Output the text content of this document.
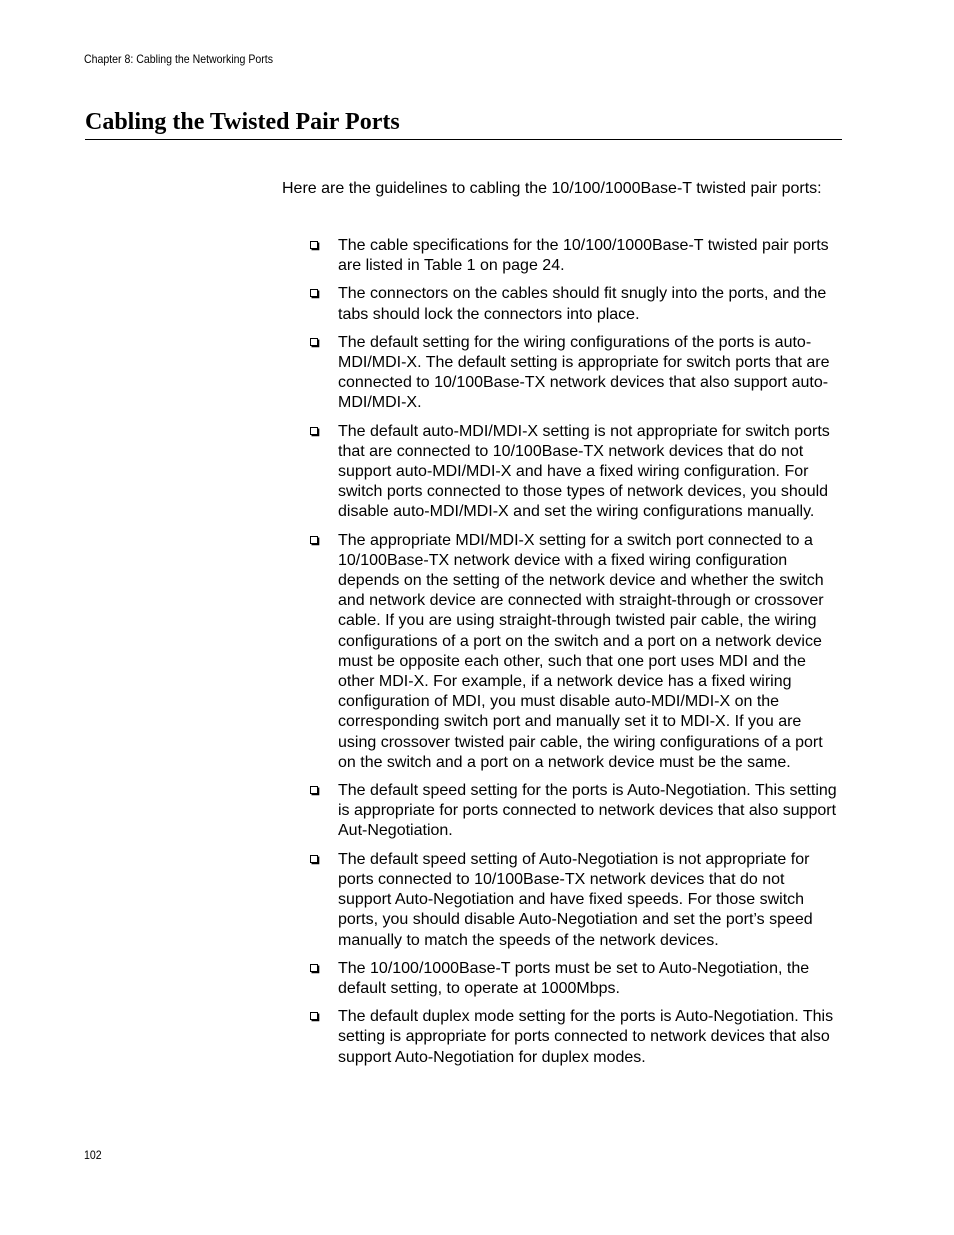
Chapter 8: Cabling the Networking Ports
Cabling the Twisted Pair Ports

Here are the guidelines to cabling the 10/100/1000Base-T twisted pair ports:

The cable specifications for the 10/100/1000Base-T twisted pair ports are listed in Table 1 on page 24.
The connectors on the cables should fit snugly into the ports, and the tabs should lock the connectors into place.
The default setting for the wiring configurations of the ports is auto-MDI/MDI-X. The default setting is appropriate for switch ports that are connected to 10/100Base-TX network devices that also support auto-MDI/MDI-X.
The default auto-MDI/MDI-X setting is not appropriate for switch ports that are connected to 10/100Base-TX network devices that do not support auto-MDI/MDI-X and have a fixed wiring configuration. For switch ports connected to those types of network devices, you should disable auto-MDI/MDI-X and set the wiring configurations manually.
The appropriate MDI/MDI-X setting for a switch port connected to a 10/100Base-TX network device with a fixed wiring configuration depends on the setting of the network device and whether the switch and network device are connected with straight-through or crossover cable. If you are using straight-through twisted pair cable, the wiring configurations of a port on the switch and a port on a network device must be opposite each other, such that one port uses MDI and the other MDI-X. For example, if a network device has a fixed wiring configuration of MDI, you must disable auto-MDI/MDI-X on the corresponding switch port and manually set it to MDI-X. If you are using crossover twisted pair cable, the wiring configurations of a port on the switch and a port on a network device must be the same.
The default speed setting for the ports is Auto-Negotiation. This setting is appropriate for ports connected to network devices that also support Aut-Negotiation.
The default speed setting of Auto-Negotiation is not appropriate for ports connected to 10/100Base-TX network devices that do not support Auto-Negotiation and have fixed speeds. For those switch ports, you should disable Auto-Negotiation and set the port’s speed manually to match the speeds of the network devices.
The 10/100/1000Base-T ports must be set to Auto-Negotiation, the default setting, to operate at 1000Mbps.
The default duplex mode setting for the ports is Auto-Negotiation. This setting is appropriate for ports connected to network devices that also support Auto-Negotiation for duplex modes.
102
